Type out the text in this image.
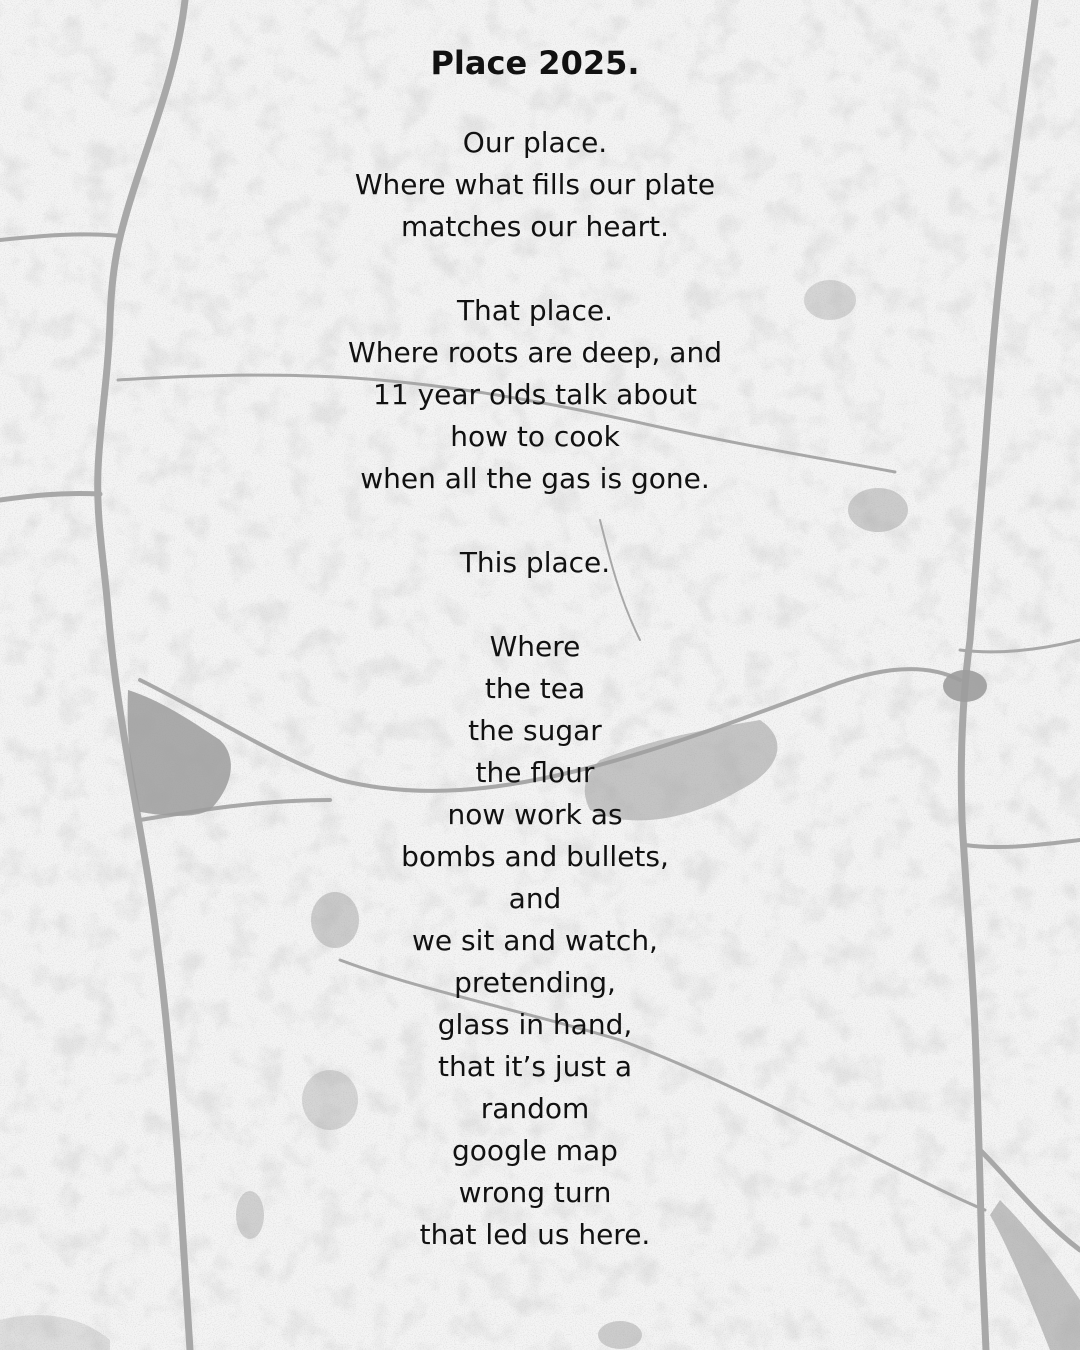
Place 2025.
Our place.
Where what fills our plate
matches our heart.
That place.
Where roots are deep, and
11 year olds talk about
how to cook
when all the gas is gone.
This place.
Where
the tea
the sugar
the flour
now work as
bombs and bullets,
and
we sit and watch,
pretending,
glass in hand,
that it’s just a
random
google map
wrong turn
that led us here.
